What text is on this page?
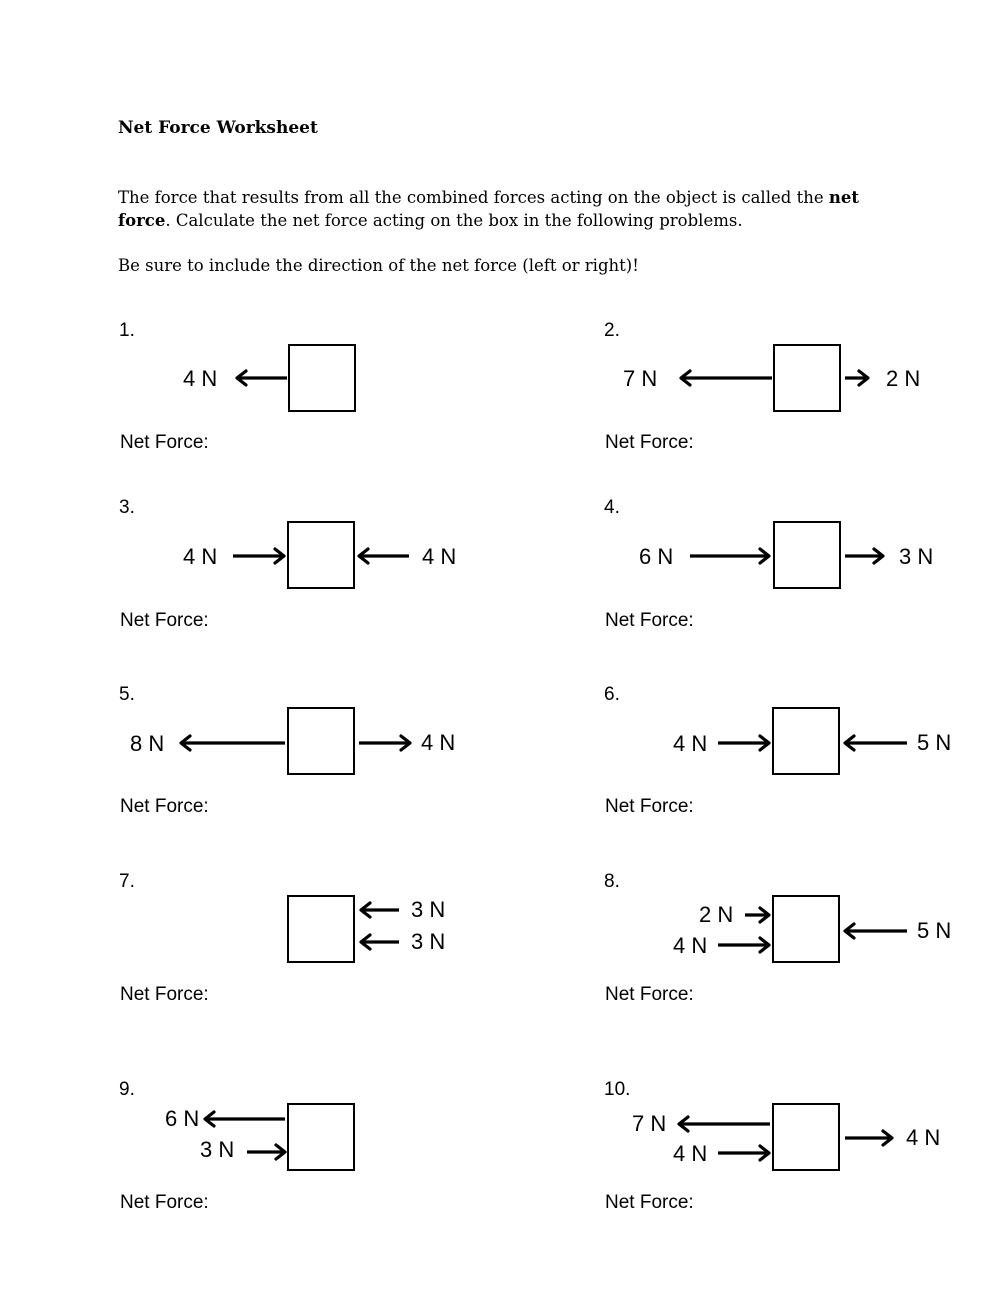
Net Force Worksheet
The force that results from all the combined forces acting on the object is called the net force. Calculate the net force acting on the box in the following problems.
Be sure to include the direction of the net force (left or right)!
1.	2.
3.	4.
5.	6.
7.	8.
9.	10.
Net Force:	Net Force:
Net Force:	Net Force:
Net Force:	Net Force:
Net Force:	Net Force:
Net Force:	Net Force:
4 N	7 N	2 N
4 N	4 N	6 N	3 N
8 N	4 N	4 N	5 N
3 N
3 N
2 N
4 N
5 N
6 N
3 N
7 N
4 N
4 N
